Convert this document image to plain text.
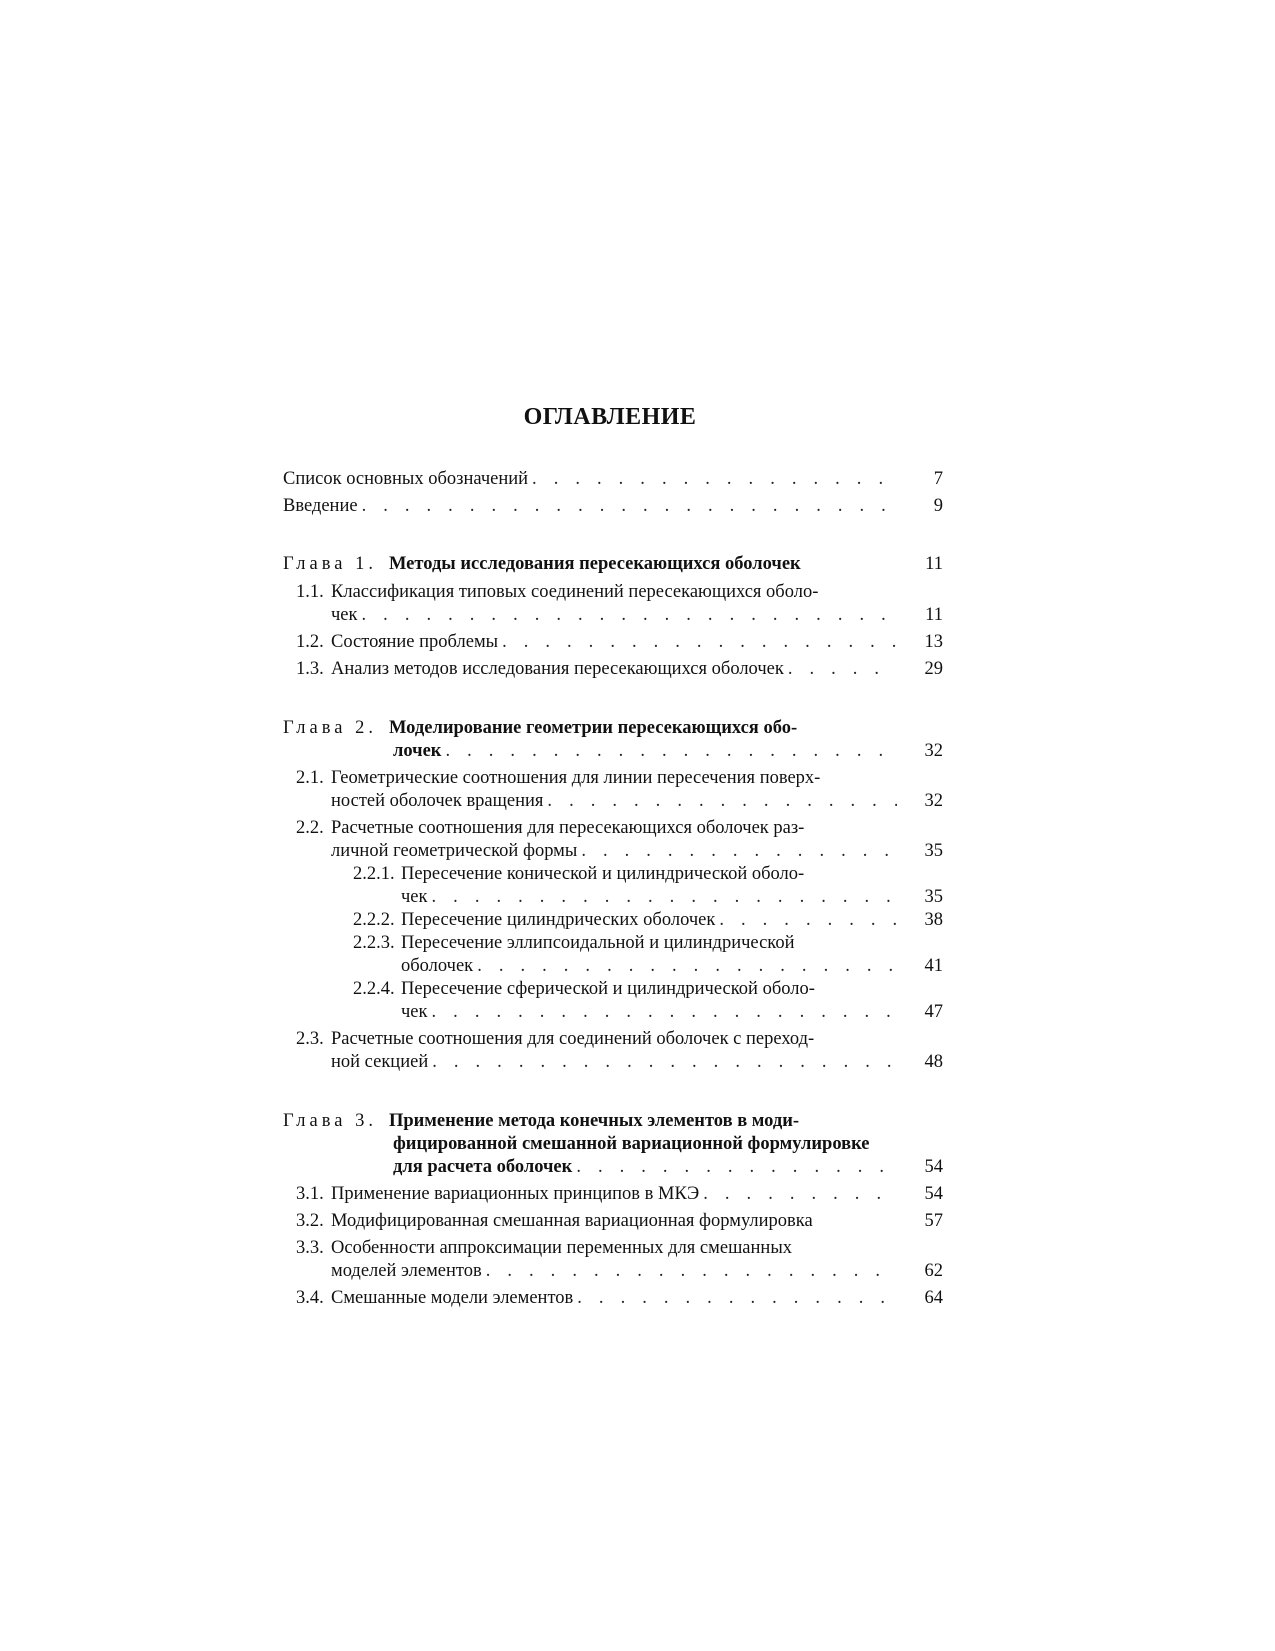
ОГЛАВЛЕНИЕ
Список основных обозначений . . .	7
Введение . . .	9
Глава 1. Методы исследования пересекающихся оболочек	11
1.1. Классификация типовых соединений пересекающихся оболо-
чек . . .	11
1.2. Состояние проблемы . . .	13
1.3. Анализ методов исследования пересекающихся оболочек . . .	29
Глава 2. Моделирование геометрии пересекающихся обо-
лочек . . .	32
2.1. Геометрические соотношения для линии пересечения поверх-
ностей оболочек вращения . . .	32
2.2. Расчетные соотношения для пересекающихся оболочек раз-
личной геометрической формы . . .	35
2.2.1. Пересечение конической и цилиндрической оболо-
чек . . .	35
2.2.2. Пересечение цилиндрических оболочек . . .	38
2.2.3. Пересечение эллипсоидальной и цилиндрической
оболочек . . .	41
2.2.4. Пересечение сферической и цилиндрической оболо-
чек . . .	47
2.3. Расчетные соотношения для соединений оболочек с переход-
ной секцией . . .	48
Глава 3. Применение метода конечных элементов в моди-
фицированной смешанной вариационной формулировке
для расчета оболочек . . .	54
3.1. Применение вариационных принципов в МКЭ . . .	54
3.2. Модифицированная смешанная вариационная формулировка	57
3.3. Особенности аппроксимации переменных для смешанных
моделей элементов . . .	62
3.4. Смешанные модели элементов . . .	64
